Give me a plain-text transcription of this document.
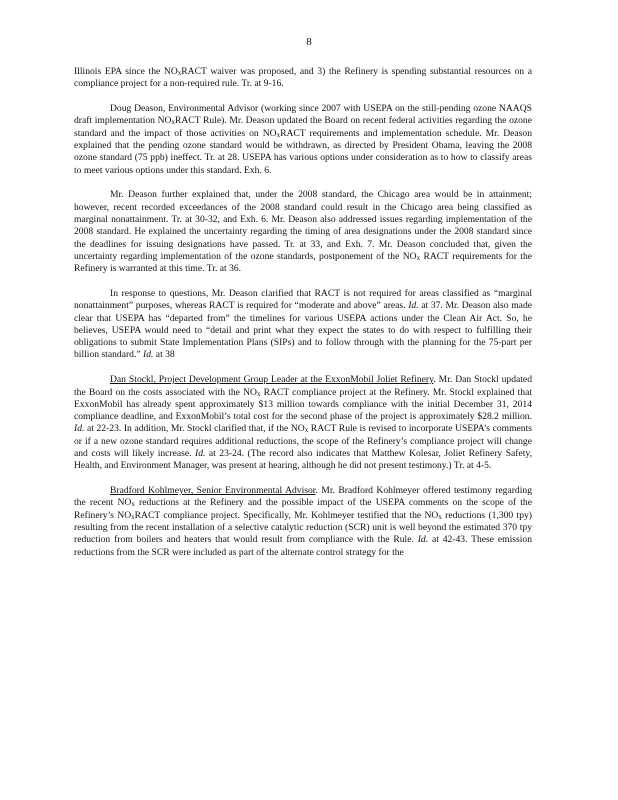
8

Illinois EPA since the $NO_xRACT$ waiver was proposed, and 3) the Refinery is spending substantial resources on a compliance project for a non-required rule. Tr. at 9-16.

Doug Deason, Environmental Advisor (working since 2007 with USEPA on the still-pending ozone NAAQS draft implementation $NO_xRACT$ Rule). Mr. Deason updated the Board on recent federal activities regarding the ozone standard and the impact of those activities on $NO_xRACT$ requirements and implementation schedule. Mr. Deason explained that the pending ozone standard would be withdrawn, as directed by President Obama, leaving the 2008 ozone standard (75 ppb) ineffect. Tr. at 28. USEPA has various options under consideration as to how to classify areas to meet various options under this standard. Exh. 6.

Mr. Deason further explained that, under the 2008 standard, the Chicago area would be in attainment; however, recent recorded exceedances of the 2008 standard could result in the Chicago area being classified as marginal nonattainment. Tr. at 30-32, and Exh. 6. Mr. Deason also addressed issues regarding implementation of the 2008 standard. He explained the uncertainty regarding the timing of area designations under the 2008 standard since the deadlines for issuing designations have passed. Tr. at 33, and Exh. 7. Mr. Deason concluded that, given the uncertainty regarding implementation of the ozone standards, postponement of the $NO_x$ RACT requirements for the Refinery is warranted at this time. Tr. at 36.

In response to questions, Mr. Deason clarified that RACT is not required for areas classified as “marginal nonattainment” purposes, whereas RACT is required for “moderate and above” areas. Id. at 37. Mr. Deason also made clear that USEPA has “departed from” the timelines for various USEPA actions under the Clean Air Act. So, he believes, USEPA would need to “detail and print what they expect the states to do with respect to fulfilling their obligations to submit State Implementation Plans (SIPs) and to follow through with the planning for the 75-part per billion standard.” Id. at 38

Dan Stockl, Project Development Group Leader at the ExxonMobil Joliet Refinery. Mr. Dan Stockl updated the Board on the costs associated with the $NO_x$ RACT compliance project at the Refinery. Mr. Stockl explained that ExxonMobil has already spent approximately $13 million towards compliance with the initial December 31, 2014 compliance deadline, and ExxonMobil’s total cost for the second phase of the project is approximately $28.2 million. Id. at 22-23. In addition, Mr. Stockl clarified that, if the $NO_x$ RACT Rule is revised to incorporate USEPA’s comments or if a new ozone standard requires additional reductions, the scope of the Refinery’s compliance project will change and costs will likely increase. Id. at 23-24. (The record also indicates that Matthew Kolesar, Joliet Refinery Safety, Health, and Environment Manager, was present at hearing, although he did not present testimony.) Tr. at 4-5.

Bradford Kohlmeyer, Senior Environmental Advisor. Mr. Bradford Kohlmeyer offered testimony regarding the recent $NO_x$ reductions at the Refinery and the possible impact of the USEPA comments on the scope of the Refinery’s $NO_xRACT$ compliance project. Specifically, Mr. Kohlmeyer testified that the $NO_x$ reductions (1,300 tpy) resulting from the recent installation of a selective catalytic reduction (SCR) unit is well beyond the estimated 370 tpy reduction from boilers and heaters that would result from compliance with the Rule. Id. at 42-43. These emission reductions from the SCR were included as part of the alternate control strategy for the
